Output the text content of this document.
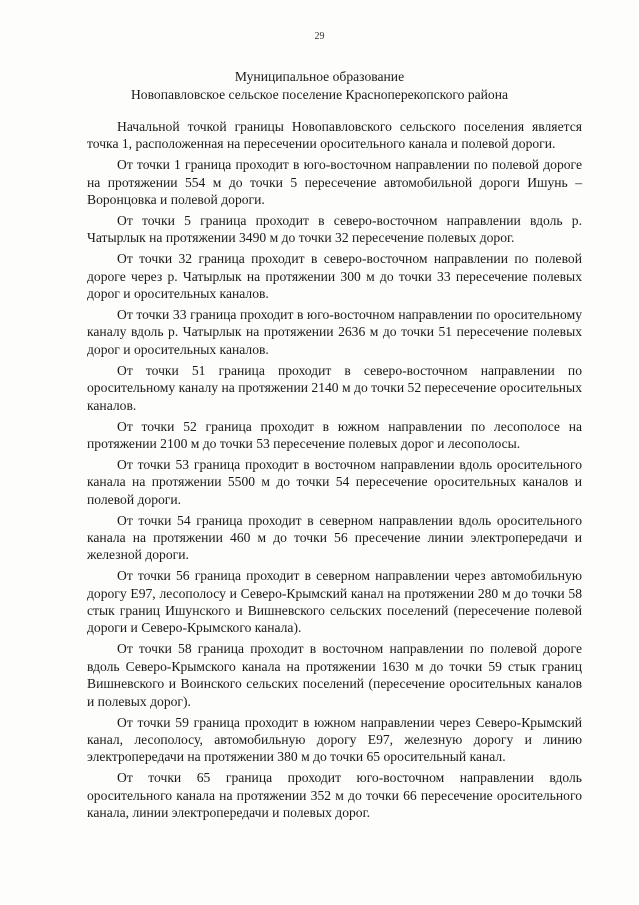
29
Муниципальное образование
Новопавловское сельское поселение Красноперекопского района

Начальной точкой границы Новопавловского сельского поселения является точка 1, расположенная на пересечении оросительного канала и полевой дороги.

От точки 1 граница проходит в юго-восточном направлении по полевой дороге на протяжении 554 м до точки 5 пересечение автомобильной дороги Ишунь – Воронцовка и полевой дороги.

От точки 5 граница проходит в северо-восточном направлении вдоль р. Чатырлык на протяжении 3490 м до точки 32 пересечение полевых дорог.

От точки 32 граница проходит в северо-восточном направлении по полевой дороге через р. Чатырлык на протяжении 300 м до точки 33 пересечение полевых дорог и оросительных каналов.

От точки 33 граница проходит в юго-восточном направлении по оросительному каналу вдоль р. Чатырлык на протяжении 2636 м до точки 51 пересечение полевых дорог и оросительных каналов.

От точки 51 граница проходит в северо-восточном направлении по оросительному каналу на протяжении 2140 м до точки 52 пересечение оросительных каналов.

От точки 52 граница проходит в южном направлении по лесополосе на протяжении 2100 м до точки 53 пересечение полевых дорог и лесополосы.

От точки 53 граница проходит в восточном направлении вдоль оросительного канала на протяжении 5500 м до точки 54 пересечение оросительных каналов и полевой дороги.

От точки 54 граница проходит в северном направлении вдоль оросительного канала на протяжении 460 м до точки 56 пресечение линии электропередачи и железной дороги.

От точки 56 граница проходит в северном направлении через автомобильную дорогу Е97, лесополосу и Северо-Крымский канал на протяжении 280 м до точки 58 стык границ Ишунского и Вишневского сельских поселений (пересечение полевой дороги и Северо-Крымского канала).

От точки 58 граница проходит в восточном направлении по полевой дороге вдоль Северо-Крымского канала на протяжении 1630 м до точки 59 стык границ Вишневского и Воинского сельских поселений (пересечение оросительных каналов и полевых дорог).

От точки 59 граница проходит в южном направлении через Северо-Крымский канал, лесополосу, автомобильную дорогу Е97, железную дорогу и линию электропередачи на протяжении 380 м до точки 65 оросительный канал.

От точки 65 граница проходит юго-восточном направлении вдоль оросительного канала на протяжении 352 м до точки 66 пересечение оросительного канала, линии электропередачи и полевых дорог.
